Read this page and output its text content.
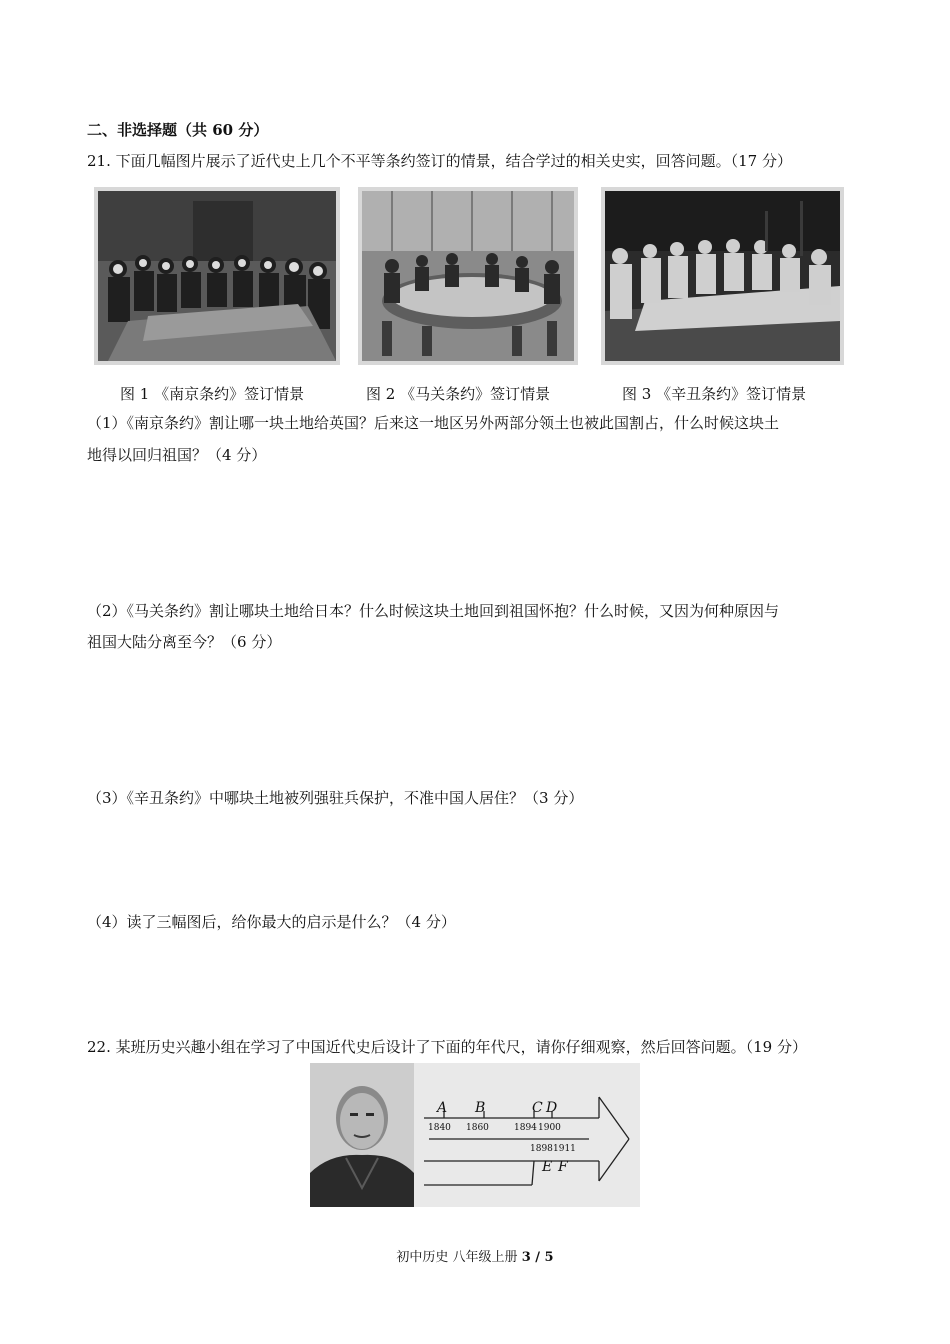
二、非选择题（共 60 分）
21. 下面几幅图片展示了近代史上几个不平等条约签订的情景，结合学过的相关史实，回答问题。（17 分）
图 1 《南京条约》签订情景	图 2 《马关条约》签订情景	图 3 《辛丑条约》签订情景
（1）《南京条约》割让哪一块土地给英国？后来这一地区另外两部分领土也被此国割占，什么时候这块土
地得以回归祖国？（4 分）
（2）《马关条约》割让哪块土地给日本？什么时候这块土地回到祖国怀抱？什么时候，又因为何种原因与
祖国大陆分离至今？（6 分）
（3）《辛丑条约》中哪块土地被列强驻兵保护，不准中国人居住？（3 分）
（4）读了三幅图后，给你最大的启示是什么？（4 分）
22. 某班历史兴趣小组在学习了中国近代史后设计了下面的年代尺，请你仔细观察，然后回答问题。（19 分）
A B	C D
1840 1860	1894 1900
1898 1911
E F
初中历史 八年级上册 3 / 5
